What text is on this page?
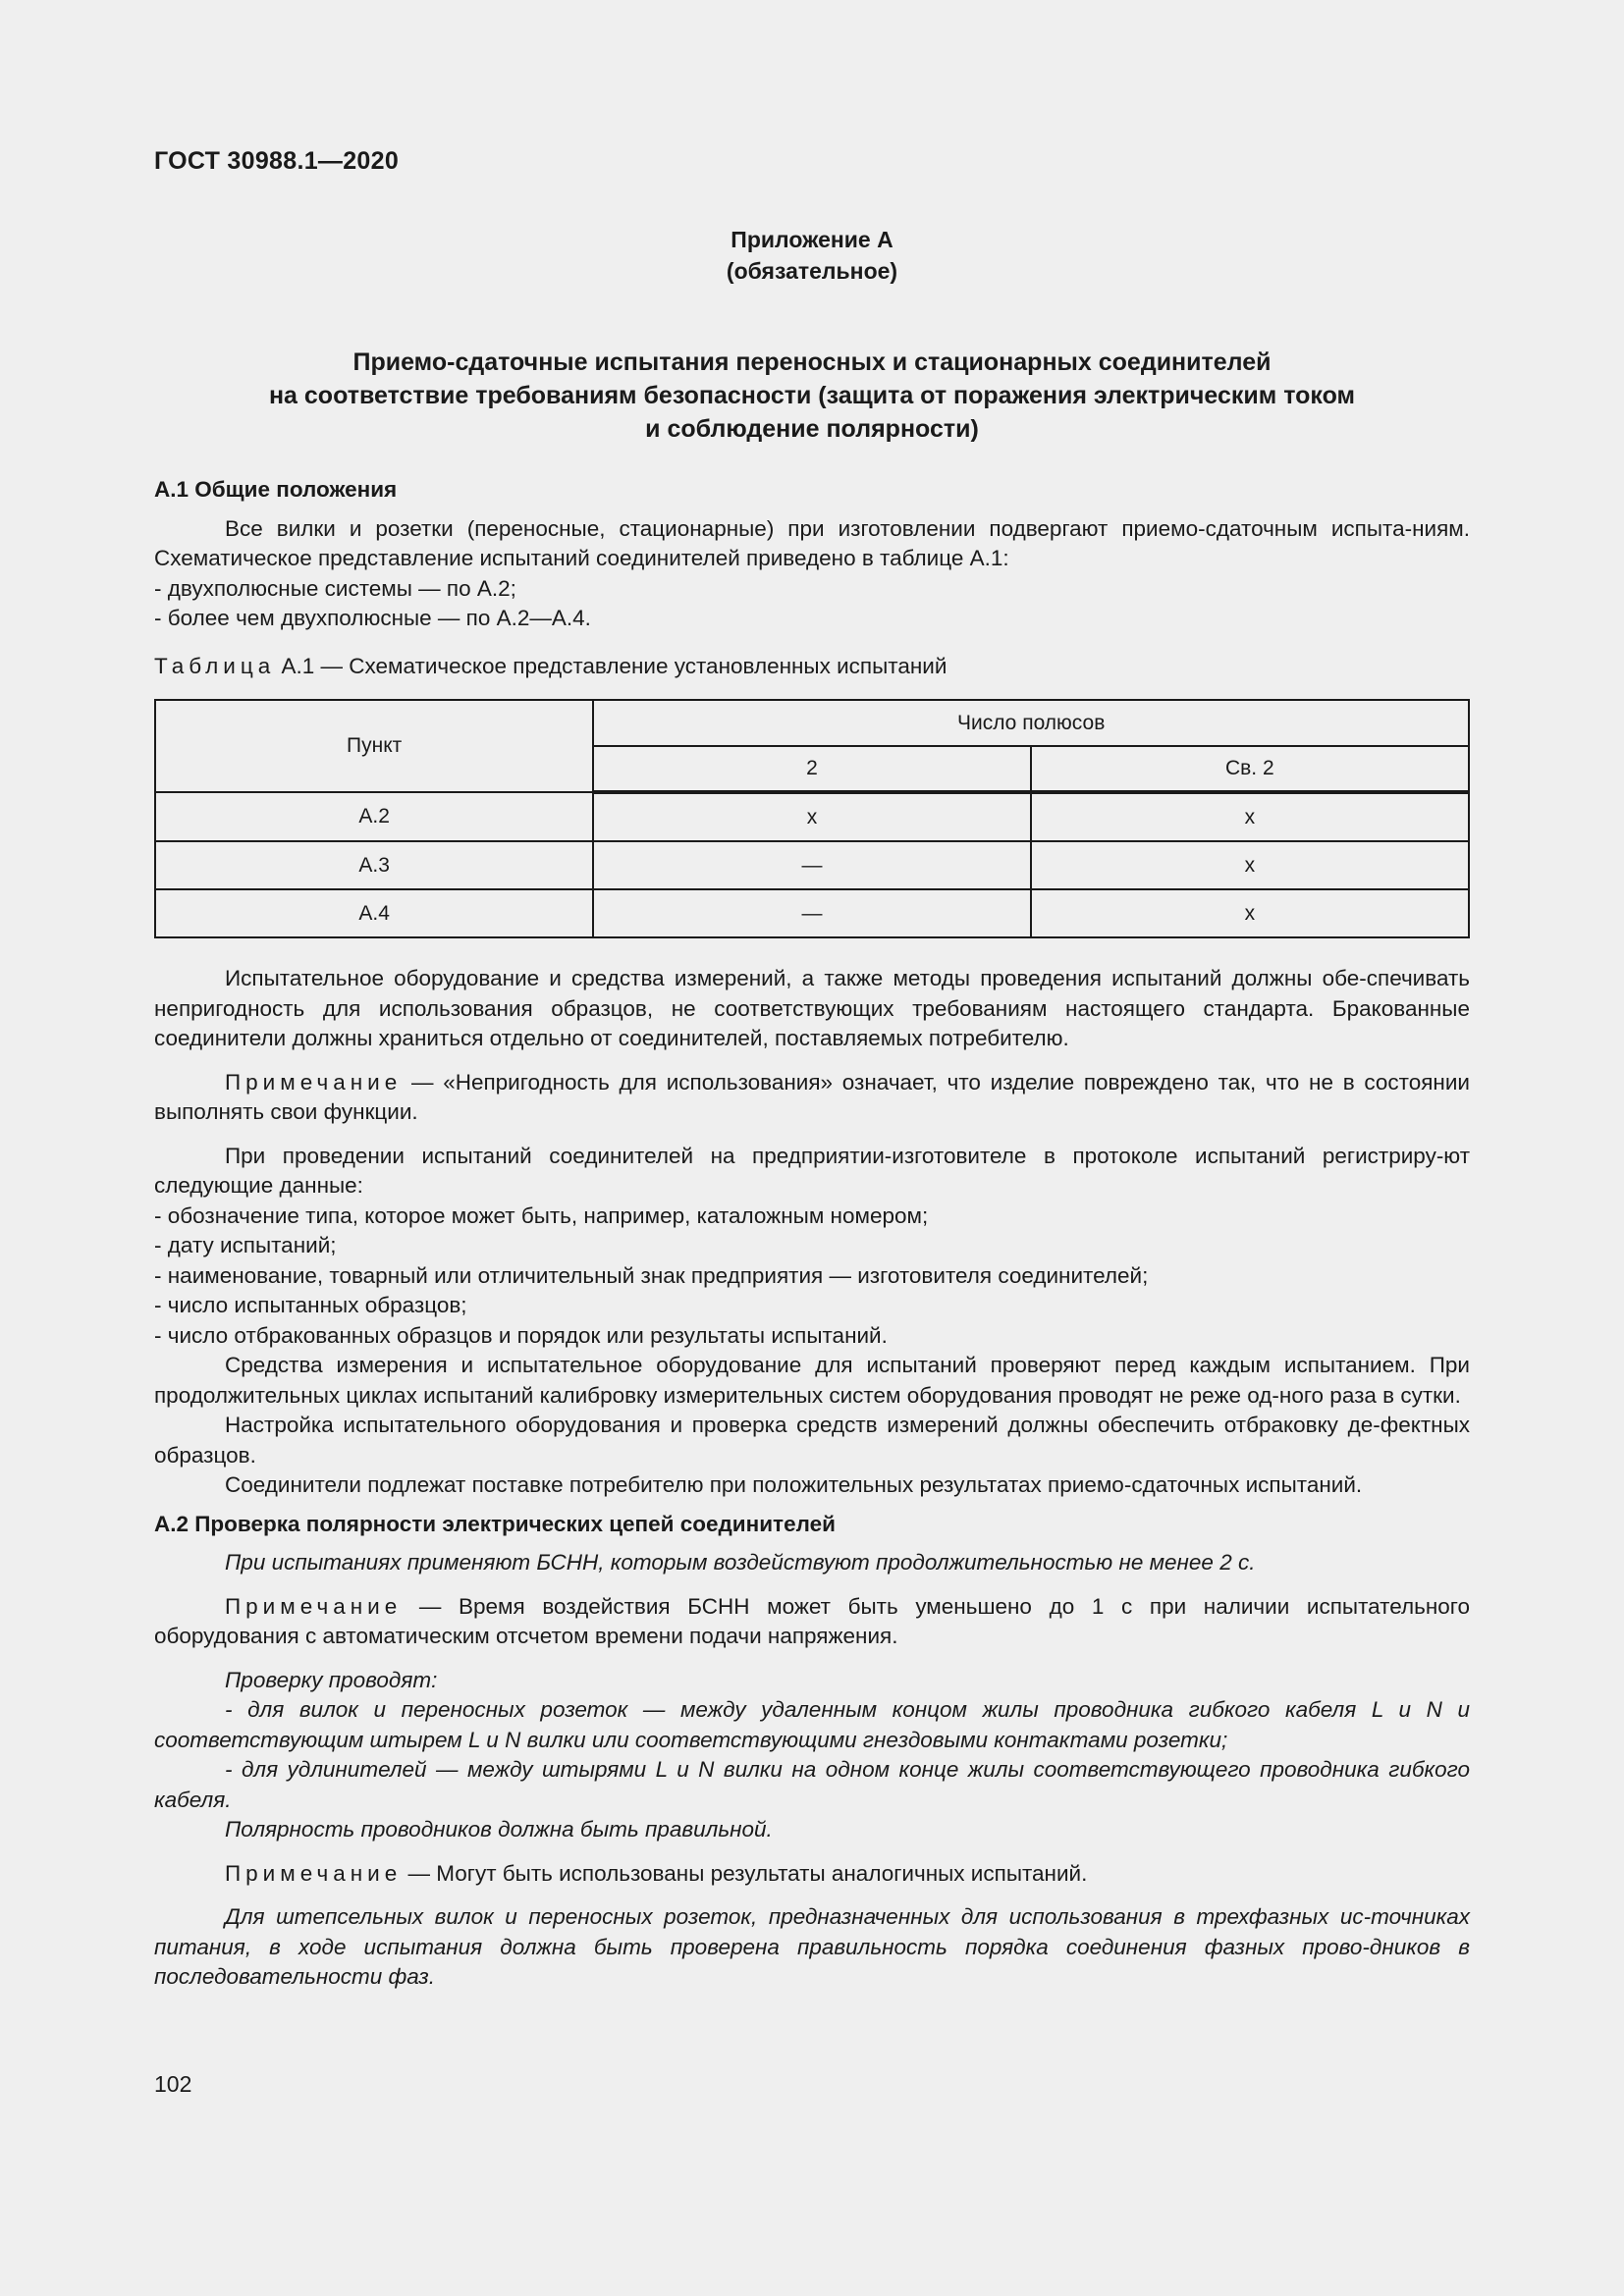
ГОСТ 30988.1—2020
Приложение А
(обязательное)
Приемо-сдаточные испытания переносных и стационарных соединителей
на соответствие требованиям безопасности (защита от поражения электрическим током
и соблюдение полярности)

А.1 Общие положения

Все вилки и розетки (переносные, стационарные) при изготовлении подвергают приемо-сдаточным испыта-ниям. Схематическое представление испытаний соединителей приведено в таблице А.1:

- двухполюсные системы — по А.2;

- более чем двухполюсные — по А.2—А.4.

Таблица А.1 — Схематическое представление установленных испытаний

Пункт	Число полюсов	
	2	Св. 2
А.2	x	x
А.3	—	x
А.4	—	x

Испытательное оборудование и средства измерений, а также методы проведения испытаний должны обе-спечивать непригодность для использования образцов, не соответствующих требованиям настоящего стандарта. Бракованные соединители должны храниться отдельно от соединителей, поставляемых потребителю.

Примечание — «Непригодность для использования» означает, что изделие повреждено так, что не в состоянии выполнять свои функции.

При проведении испытаний соединителей на предприятии-изготовителе в протоколе испытаний регистриру-ют следующие данные:

- обозначение типа, которое может быть, например, каталожным номером;

- дату испытаний;

- наименование, товарный или отличительный знак предприятия — изготовителя соединителей;

- число испытанных образцов;

- число отбракованных образцов и порядок или результаты испытаний.

Средства измерения и испытательное оборудование для испытаний проверяют перед каждым испытанием. При продолжительных циклах испытаний калибровку измерительных систем оборудования проводят не реже од-ного раза в сутки.

Настройка испытательного оборудования и проверка средств измерений должны обеспечить отбраковку де-фектных образцов.

Соединители подлежат поставке потребителю при положительных результатах приемо-сдаточных испытаний.

А.2 Проверка полярности электрических цепей соединителей

При испытаниях применяют БСНН, которым воздействуют продолжительностью не менее 2 с.

Примечание — Время воздействия БСНН может быть уменьшено до 1 с при наличии испытательного оборудования с автоматическим отсчетом времени подачи напряжения.

Проверку проводят:

- для вилок и переносных розеток — между удаленным концом жилы проводника гибкого кабеля L и N и соответствующим штырем L и N вилки или соответствующими гнездовыми контактами розетки;

- для удлинителей — между штырями L и N вилки на одном конце жилы соответствующего проводника гибкого кабеля.

Полярность проводников должна быть правильной.

Примечание — Могут быть использованы результаты аналогичных испытаний.

Для штепсельных вилок и переносных розеток, предназначенных для использования в трехфазных ис-точниках питания, в ходе испытания должна быть проверена правильность порядка соединения фазных прово-дников в последовательности фаз.

102
